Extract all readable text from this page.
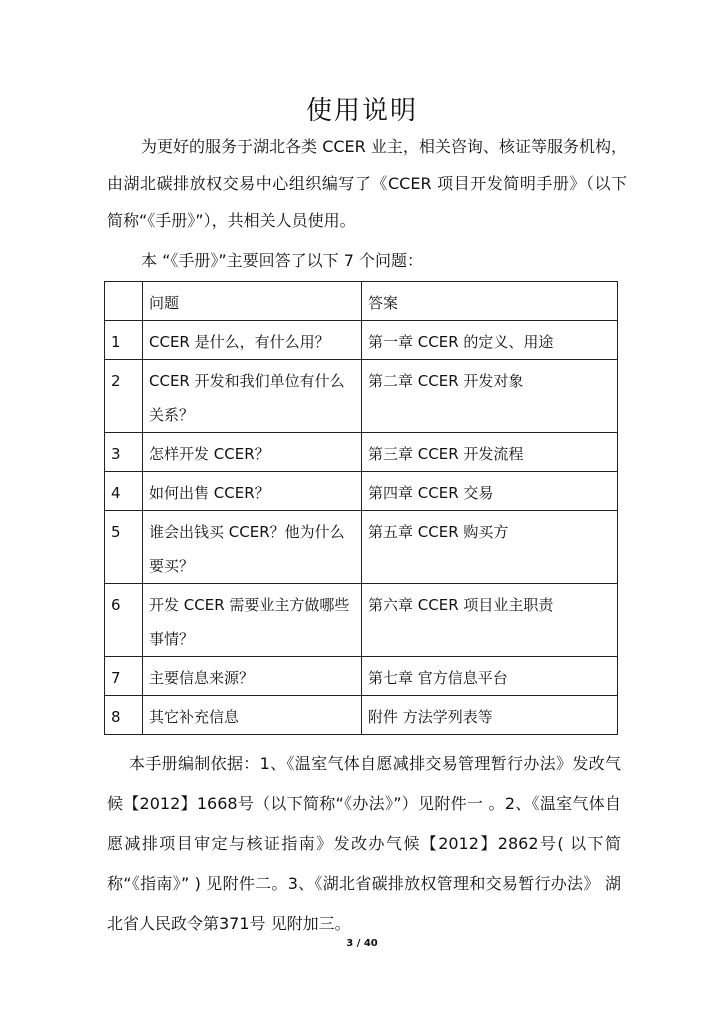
使用说明

为更好的服务于湖北各类 CCER 业主，相关咨询、核证等服务机构，由湖北碳排放权交易中心组织编写了《CCER 项目开发简明手册》（以下简称“《手册》”），共相关人员使用。

本 “《手册》”主要回答了以下 7 个问题：

	问题	答案
1	CCER 是什么，有什么用？	第一章 CCER 的定义、用途
2	CCER 开发和我们单位有什么关系？	第二章 CCER 开发对象
3	怎样开发 CCER？	第三章 CCER 开发流程
4	如何出售 CCER？	第四章 CCER 交易
5	谁会出钱买 CCER？他为什么要买？	第五章 CCER 购买方
6	开发 CCER 需要业主方做哪些事情？	第六章 CCER 项目业主职责
7	主要信息来源？	第七章 官方信息平台
8	其它补充信息	附件 方法学列表等

本手册编制依据：1、《温室气体自愿减排交易管理暂行办法》发改气候【2012】1668号（以下简称“《办法》”）见附件一 。2、《温室气体自愿减排项目审定与核证指南》发改办气候【2012】2862号( 以下简称“《指南》” ) 见附件二。3、《湖北省碳排放权管理和交易暂行办法》 湖北省人民政令第371号 见附加三。

3 / 40
